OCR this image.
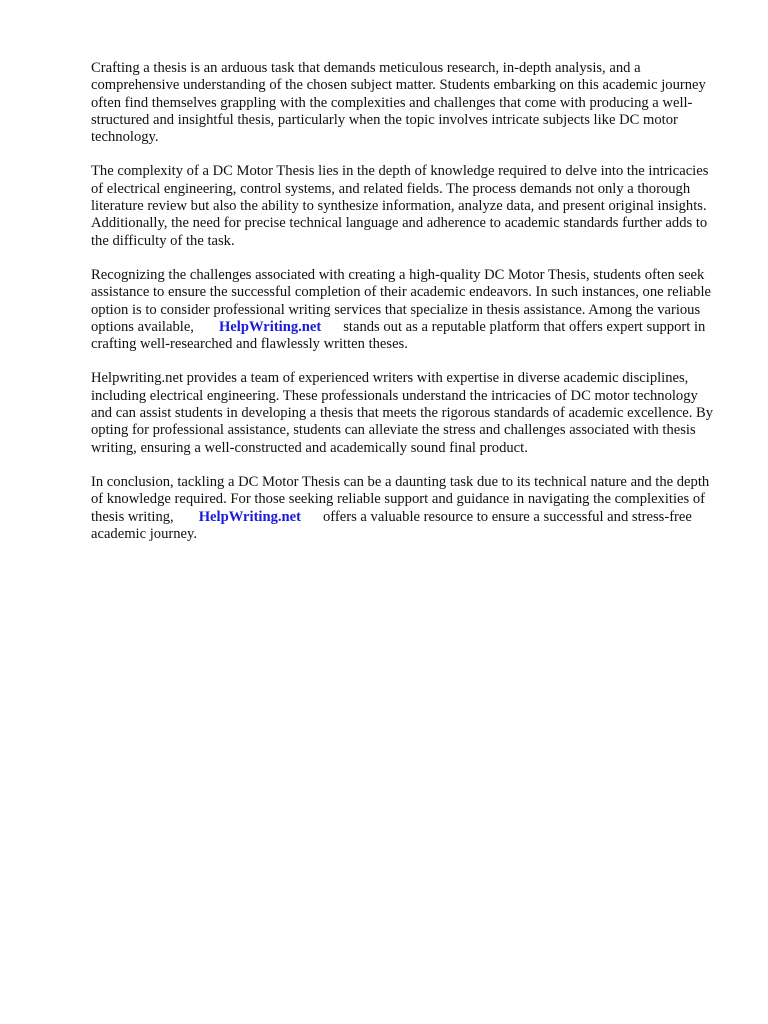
Crafting a thesis is an arduous task that demands meticulous research, in-depth analysis, and a comprehensive understanding of the chosen subject matter. Students embarking on this academic journey often find themselves grappling with the complexities and challenges that come with producing a well-structured and insightful thesis, particularly when the topic involves intricate subjects like DC motor technology.

The complexity of a DC Motor Thesis lies in the depth of knowledge required to delve into the intricacies of electrical engineering, control systems, and related fields. The process demands not only a thorough literature review but also the ability to synthesize information, analyze data, and present original insights. Additionally, the need for precise technical language and adherence to academic standards further adds to the difficulty of the task.

Recognizing the challenges associated with creating a high-quality DC Motor Thesis, students often seek assistance to ensure the successful completion of their academic endeavors. In such instances, one reliable option is to consider professional writing services that specialize in thesis assistance. Among the various options available, HelpWriting.net stands out as a reputable platform that offers expert support in crafting well-researched and flawlessly written theses.

Helpwriting.net provides a team of experienced writers with expertise in diverse academic disciplines, including electrical engineering. These professionals understand the intricacies of DC motor technology and can assist students in developing a thesis that meets the rigorous standards of academic excellence. By opting for professional assistance, students can alleviate the stress and challenges associated with thesis writing, ensuring a well-constructed and academically sound final product.

In conclusion, tackling a DC Motor Thesis can be a daunting task due to its technical nature and the depth of knowledge required. For those seeking reliable support and guidance in navigating the complexities of thesis writing, HelpWriting.net offers a valuable resource to ensure a successful and stress-free academic journey.
